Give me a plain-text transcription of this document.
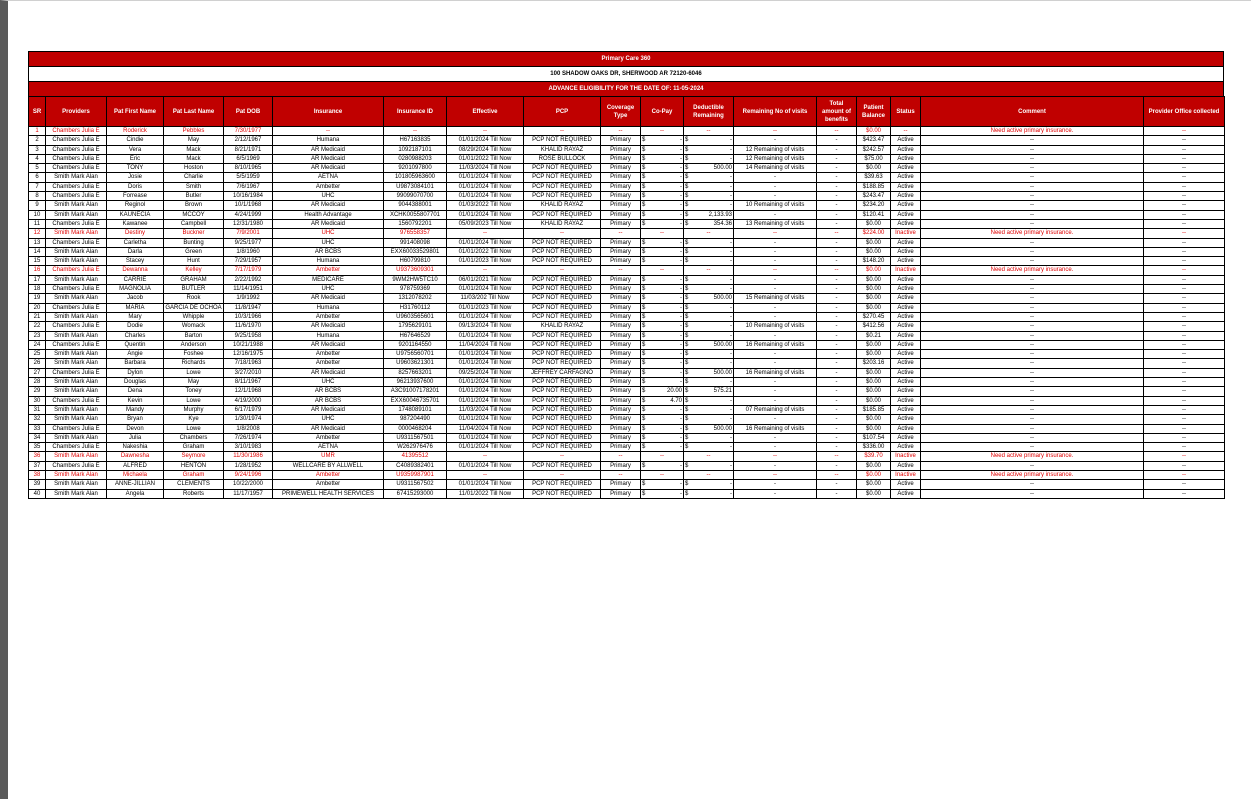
Primary Care 360
100 SHADOW OAKS DR, SHERWOOD AR 72120-6046
ADVANCE ELIGIBILITY FOR THE DATE OF: 11-05-2024
SR	Providers	Pat First Name	Pat Last Name	Pat DOB	Insurance	Insurance ID	Effective	PCP	Coverage Type	Co-Pay	Deductible Remaining	Remaining No of visits	Total amount of benefits	Patient Balance	Status	Comment	Provider Office collected
1	Chambers Julia E	Roderick	Pebbles	7/30/1977	--	--	--	--	--	--	--	--	--	$0.00	--	Need active primary insurance.	--
2	Chambers Julia E	Cindie	May	2/12/1967	Humana	H67163835	01/01/2024 Till Now	PCP NOT REQUIRED	Primary	$ -	$ -	-	-	$423.47	Active	--	--
3	Chambers Julia E	Vera	Mack	8/21/1971	AR Medicaid	1092187101	08/29/2024 Till Now	KHALID RAYAZ	Primary	$ -	$ -	12 Remaining of visits	-	$242.57	Active	--	--
4	Chambers Julia E	Eric	Mack	6/5/1969	AR Medicaid	0280988203	01/01/2022 Till Now	ROSE BULLOCK	Primary	$ -	$ -	12 Remaining of visits	-	$75.00	Active	--	--
5	Chambers Julia E	TONY	Hoston	8/10/1965	AR Medicaid	9201097800	11/03/2024 Till Now	PCP NOT REQUIRED	Primary	$ -	$ 500.00	14 Remaining of visits	-	$0.00	Active	--	--
6	Smith Mark Alan	Josie	Charlie	5/5/1959	AETNA	101805963600	01/01/2024 Till Now	PCP NOT REQUIRED	Primary	$ -	$ -	-	-	$39.63	Active	--	--
7	Chambers Julia E	Doris	Smith	7/6/1967	Ambetter	U9873084101	01/01/2024 Till Now	PCP NOT REQUIRED	Primary	$ -	$ -	-	-	$188.85	Active	--	--
8	Chambers Julia E	Forrease	Butler	10/16/1984	UHC	99099070700	01/01/2024 Till Now	PCP NOT REQUIRED	Primary	$ -	$ -	-	-	$243.47	Active	--	--
9	Smith Mark Alan	Reginol	Brown	10/1/1968	AR Medicaid	9044388001	01/03/2022 Till Now	KHALID RAYAZ	Primary	$ -	$ -	10 Remaining of visits	-	$234.20	Active	--	--
10	Smith Mark Alan	KAUNECIA	MCCOY	4/24/1999	Health Advantage	XCHK0055807701	01/01/2024 Till Now	PCP NOT REQUIRED	Primary	$ -	$ 2,133.93	-	-	$120.41	Active	--	--
11	Chambers Julia E	Kawanee	Campbell	12/31/1980	AR Medicaid	1560792201	05/09/2023 Till Now	KHALID RAYAZ	Primary	$ -	$ 354.36	13 Remaining of visits	-	$0.00	Active	--	--
12	Smith Mark Alan	Destiny	Buckner	7/9/2001	UHC	976558357	--	--	--	--	--	--	--	$224.00	Inactive	Need active primary insurance.	--
13	Chambers Julia E	Carletha	Bunting	9/25/1977	UHC	991408098	01/01/2024 Till Now	PCP NOT REQUIRED	Primary	$ -	$ -	-	-	$0.00	Active	--	--
14	Smith Mark Alan	Darla	Green	1/8/1960	AR BCBS	EXX60033529801	01/01/2022 Till Now	PCP NOT REQUIRED	Primary	$ -	$ -	-	-	$0.00	Active	--	--
15	Smith Mark Alan	Stacey	Hunt	7/29/1957	Humana	H60799810	01/01/2023 Till Now	PCP NOT REQUIRED	Primary	$ -	$ -	-	-	$148.20	Active	--	--
16	Chambers Julia E	Dewanna	Kelley	7/17/1979	Ambetter	U9373609301	--	--	--	--	--	--	--	$0.00	Inactive	Need active primary insurance.	--
17	Smith Mark Alan	CARRIE	GRAHAM	2/22/1992	MEDICARE	9WM2HW5TC10	06/01/2021 Till Now	PCP NOT REQUIRED	Primary	$ -	$ -	-	-	$0.00	Active	--	--
18	Chambers Julia E	MAGNOLIA	BUTLER	11/14/1951	UHC	978759369	01/01/2024 Till Now	PCP NOT REQUIRED	Primary	$ -	$ -	-	-	$0.00	Active	--	--
19	Smith Mark Alan	Jacob	Rook	1/9/1992	AR Medicaid	1312078202	11/03/202 Till Now	PCP NOT REQUIRED	Primary	$ -	$ 500.00	15 Remaining of visits	-	$0.00	Active	--	--
20	Chambers Julia E	MARIA	GARCIA DE OCHOA	11/8/1947	Humana	H31760112	01/01/2023 Till Now	PCP NOT REQUIRED	Primary	$ -	$ -	-	-	$0.00	Active	--	--
21	Smith Mark Alan	Mary	Whipple	10/3/1966	Ambetter	U9603565601	01/01/2024 Till Now	PCP NOT REQUIRED	Primary	$ -	$ -	-	-	$270.45	Active	--	--
22	Chambers Julia E	Dodie	Womack	11/6/1970	AR Medicaid	1795629101	09/13/2024 Till Now	KHALID RAYAZ	Primary	$ -	$ -	10 Remaining of visits	-	$412.56	Active	--	--
23	Smith Mark Alan	Charles	Barton	9/25/1958	Humana	H67646529	01/01/2024 Till Now	PCP NOT REQUIRED	Primary	$ -	$ -	-	-	$0.21	Active	--	--
24	Chambers Julia E	Quentin	Anderson	10/21/1988	AR Medicaid	9201164550	11/04/2024 Till Now	PCP NOT REQUIRED	Primary	$ -	$ 500.00	16 Remaining of visits	-	$0.00	Active	--	--
25	Smith Mark Alan	Angie	Foshee	12/16/1975	Ambetter	U9756560701	01/01/2024 Till Now	PCP NOT REQUIRED	Primary	$ -	$ -	-	-	$0.00	Active	--	--
26	Smith Mark Alan	Barbara	Richards	7/18/1963	Ambetter	U9603621301	01/01/2024 Till Now	PCP NOT REQUIRED	Primary	$ -	$ -	-	-	$203.16	Active	--	--
27	Chambers Julia E	Dylon	Lowe	3/27/2010	AR Medicaid	8257663201	09/25/2024 Till Now	JEFFREY CARFAGNO	Primary	$ -	$ 500.00	16 Remaining of visits	-	$0.00	Active	--	--
28	Smith Mark Alan	Douglas	May	8/11/1967	UHC	96213937600	01/01/2024 Till Now	PCP NOT REQUIRED	Primary	$ -	$ -	-	-	$0.00	Active	--	--
29	Smith Mark Alan	Dena	Toney	12/1/1968	AR BCBS	A3C91007178201	01/01/2024 Till Now	PCP NOT REQUIRED	Primary	$ 20.00	$ 575.21	-	-	$0.00	Active	--	--
30	Chambers Julia E	Kevin	Lowe	4/19/2000	AR BCBS	EXX60046735701	01/01/2024 Till Now	PCP NOT REQUIRED	Primary	$ 4.70	$ -	-	-	$0.00	Active	--	--
31	Smith Mark Alan	Mandy	Murphy	6/17/1979	AR Medicaid	1748089101	11/03/2024 Till Now	PCP NOT REQUIRED	Primary	$ -	$ -	07 Remaining of visits	-	$185.85	Active	--	--
32	Smith Mark Alan	Bryan	Kye	1/30/1974	UHC	987204490	01/01/2024 Till Now	PCP NOT REQUIRED	Primary	$ -	$ -	-	-	$0.00	Active	--	--
33	Chambers Julia E	Devon	Lowe	1/8/2008	AR Medicaid	0000468204	11/04/2024 Till Now	PCP NOT REQUIRED	Primary	$ -	$ 500.00	16 Remaining of visits	-	$0.00	Active	--	--
34	Smith Mark Alan	Julia	Chambers	7/26/1974	Ambetter	U9311567501	01/01/2024 Till Now	PCP NOT REQUIRED	Primary	$ -	$ -	-	-	$107.54	Active	--	--
35	Chambers Julia E	Nakeshia	Graham	3/10/1983	AETNA	W262976476	01/01/2024 Till Now	PCP NOT REQUIRED	Primary	$ -	$ -	-	-	$336.00	Active	--	--
36	Smith Mark Alan	Dawnesha	Seymore	11/30/1986	UMR	41395512	--	--	--	--	--	--	--	$39.70	Inactive	Need active primary insurance.	--
37	Chambers Julia E	ALFRED	HENTON	1/28/1952	WELLCARE BY ALLWELL	C4089382401	01/01/2024 Till Now	PCP NOT REQUIRED	Primary	$ -	$ -	-	-	$0.00	Active	--	--
38	Smith Mark Alan	Michaela	Graham	9/24/1996	Ambetter	U9359987901	--	--	--	--	--	--	--	$0.00	Inactive	Need active primary insurance.	--
39	Smith Mark Alan	ANNE-JILLIAN	CLEMENTS	10/22/2000	Ambetter	U9311567502	01/01/2024 Till Now	PCP NOT REQUIRED	Primary	$ -	$ -	-	-	$0.00	Active	--	--
40	Smith Mark Alan	Angela	Roberts	11/17/1957	PRIMEWELL HEALTH SERVICES	67415293000	11/01/2022 Till Now	PCP NOT REQUIRED	Primary	$ -	$ -	-	-	$0.00	Active	--	--
